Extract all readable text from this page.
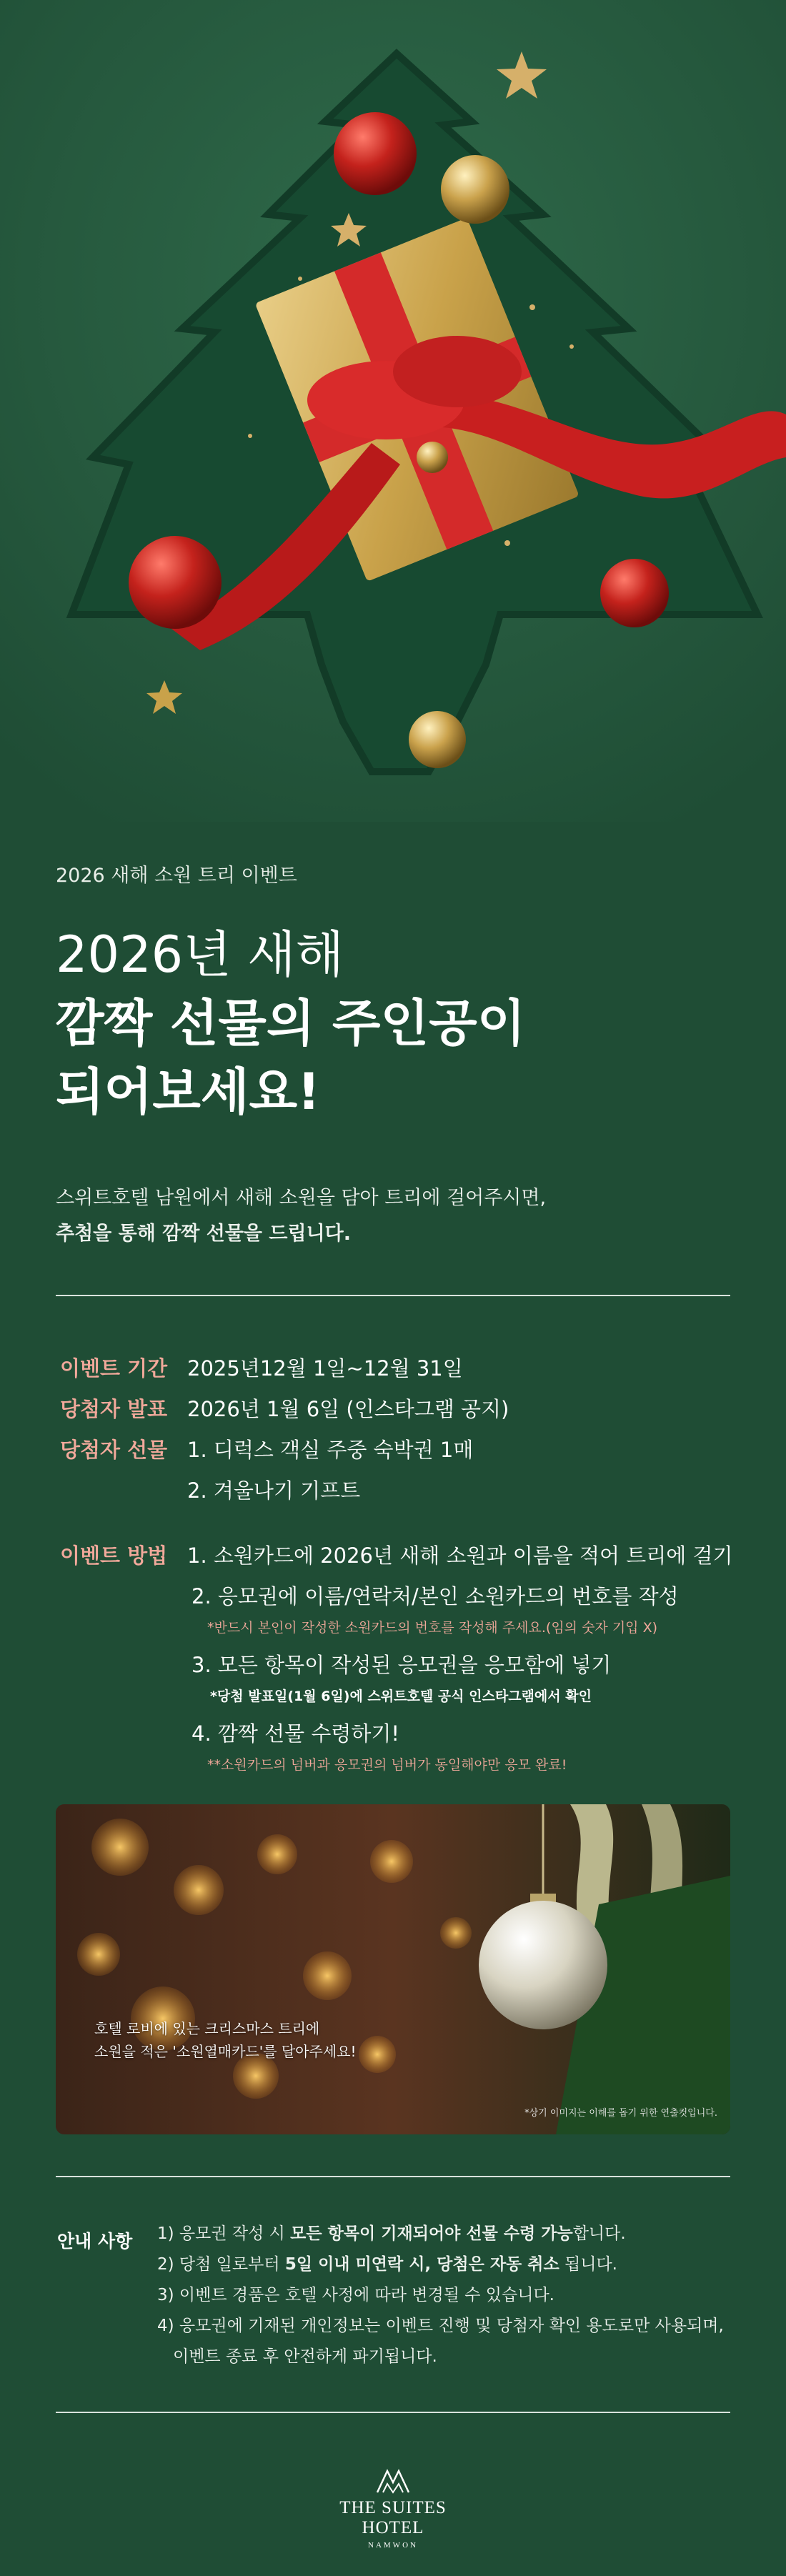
2026 새해 소원 트리 이벤트
2026년 새해
깜짝 선물의 주인공이
되어보세요!
스위트호텔 남원에서 새해 소원을 담아 트리에 걸어주시면,
추첨을 통해 깜짝 선물을 드립니다.
이벤트 기간 2025년12월 1일~12월 31일
당첨자 발표 2026년 1월 6일 (인스타그램 공지)
당첨자 선물 1. 디럭스 객실 주중 숙박권 1매
2. 겨울나기 기프트
이벤트 방법 1. 소원카드에 2026년 새해 소원과 이름을 적어 트리에 걸기
2. 응모권에 이름/연락처/본인 소원카드의 번호를 작성
*반드시 본인이 작성한 소원카드의 번호를 작성해 주세요.(임의 숫자 기입 X)
3. 모든 항목이 작성된 응모권을 응모함에 넣기
*당첨 발표일(1월 6일)에 스위트호텔 공식 인스타그램에서 확인
4. 깜짝 선물 수령하기!
**소원카드의 넘버과 응모권의 넘버가 동일해야만 응모 완료!
호텔 로비에 있는 크리스마스 트리에
소원을 적은 '소원열매카드'를 달아주세요!
*상기 이미지는 이해를 돕기 위한 연출컷입니다.
안내 사항 1) 응모권 작성 시 모든 항목이 기재되어야 선물 수령 가능합니다.
2) 당첨 일로부터 5일 이내 미연락 시, 당첨은 자동 취소 됩니다.
3) 이벤트 경품은 호텔 사정에 따라 변경될 수 있습니다.
4) 응모권에 기재된 개인정보는 이벤트 진행 및 당첨자 확인 용도로만 사용되며,
이벤트 종료 후 안전하게 파기됩니다.
THE SUITES HOTEL
NAMWON
